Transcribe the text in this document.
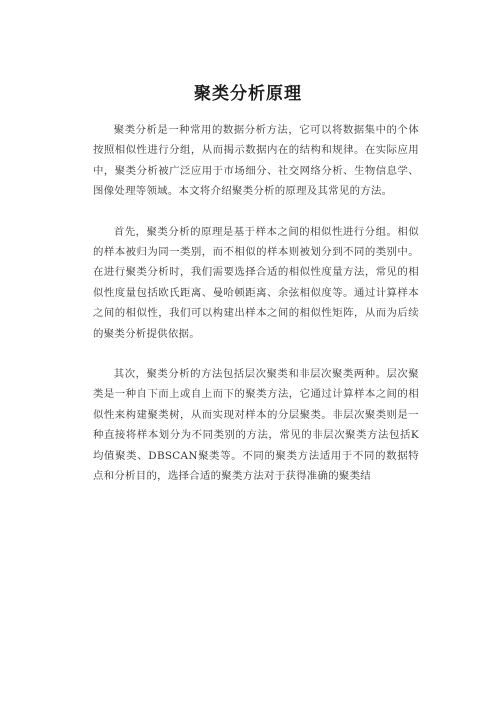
聚类分析原理

聚类分析是一种常用的数据分析方法，它可以将数据集中的个体按照相似性进行分组，从而揭示数据内在的结构和规律。在实际应用中，聚类分析被广泛应用于市场细分、社交网络分析、生物信息学、图像处理等领域。本文将介绍聚类分析的原理及其常见的方法。

首先，聚类分析的原理是基于样本之间的相似性进行分组。相似的样本被归为同一类别，而不相似的样本则被划分到不同的类别中。在进行聚类分析时，我们需要选择合适的相似性度量方法，常见的相似性度量包括欧氏距离、曼哈顿距离、余弦相似度等。通过计算样本之间的相似性，我们可以构建出样本之间的相似性矩阵，从而为后续的聚类分析提供依据。

其次，聚类分析的方法包括层次聚类和非层次聚类两种。层次聚类是一种自下而上或自上而下的聚类方法，它通过计算样本之间的相似性来构建聚类树，从而实现对样本的分层聚类。非层次聚类则是一种直接将样本划分为不同类别的方法，常见的非层次聚类方法包括K均值聚类、DBSCAN聚类等。不同的聚类方法适用于不同的数据特点和分析目的，选择合适的聚类方法对于获得准确的聚类结
